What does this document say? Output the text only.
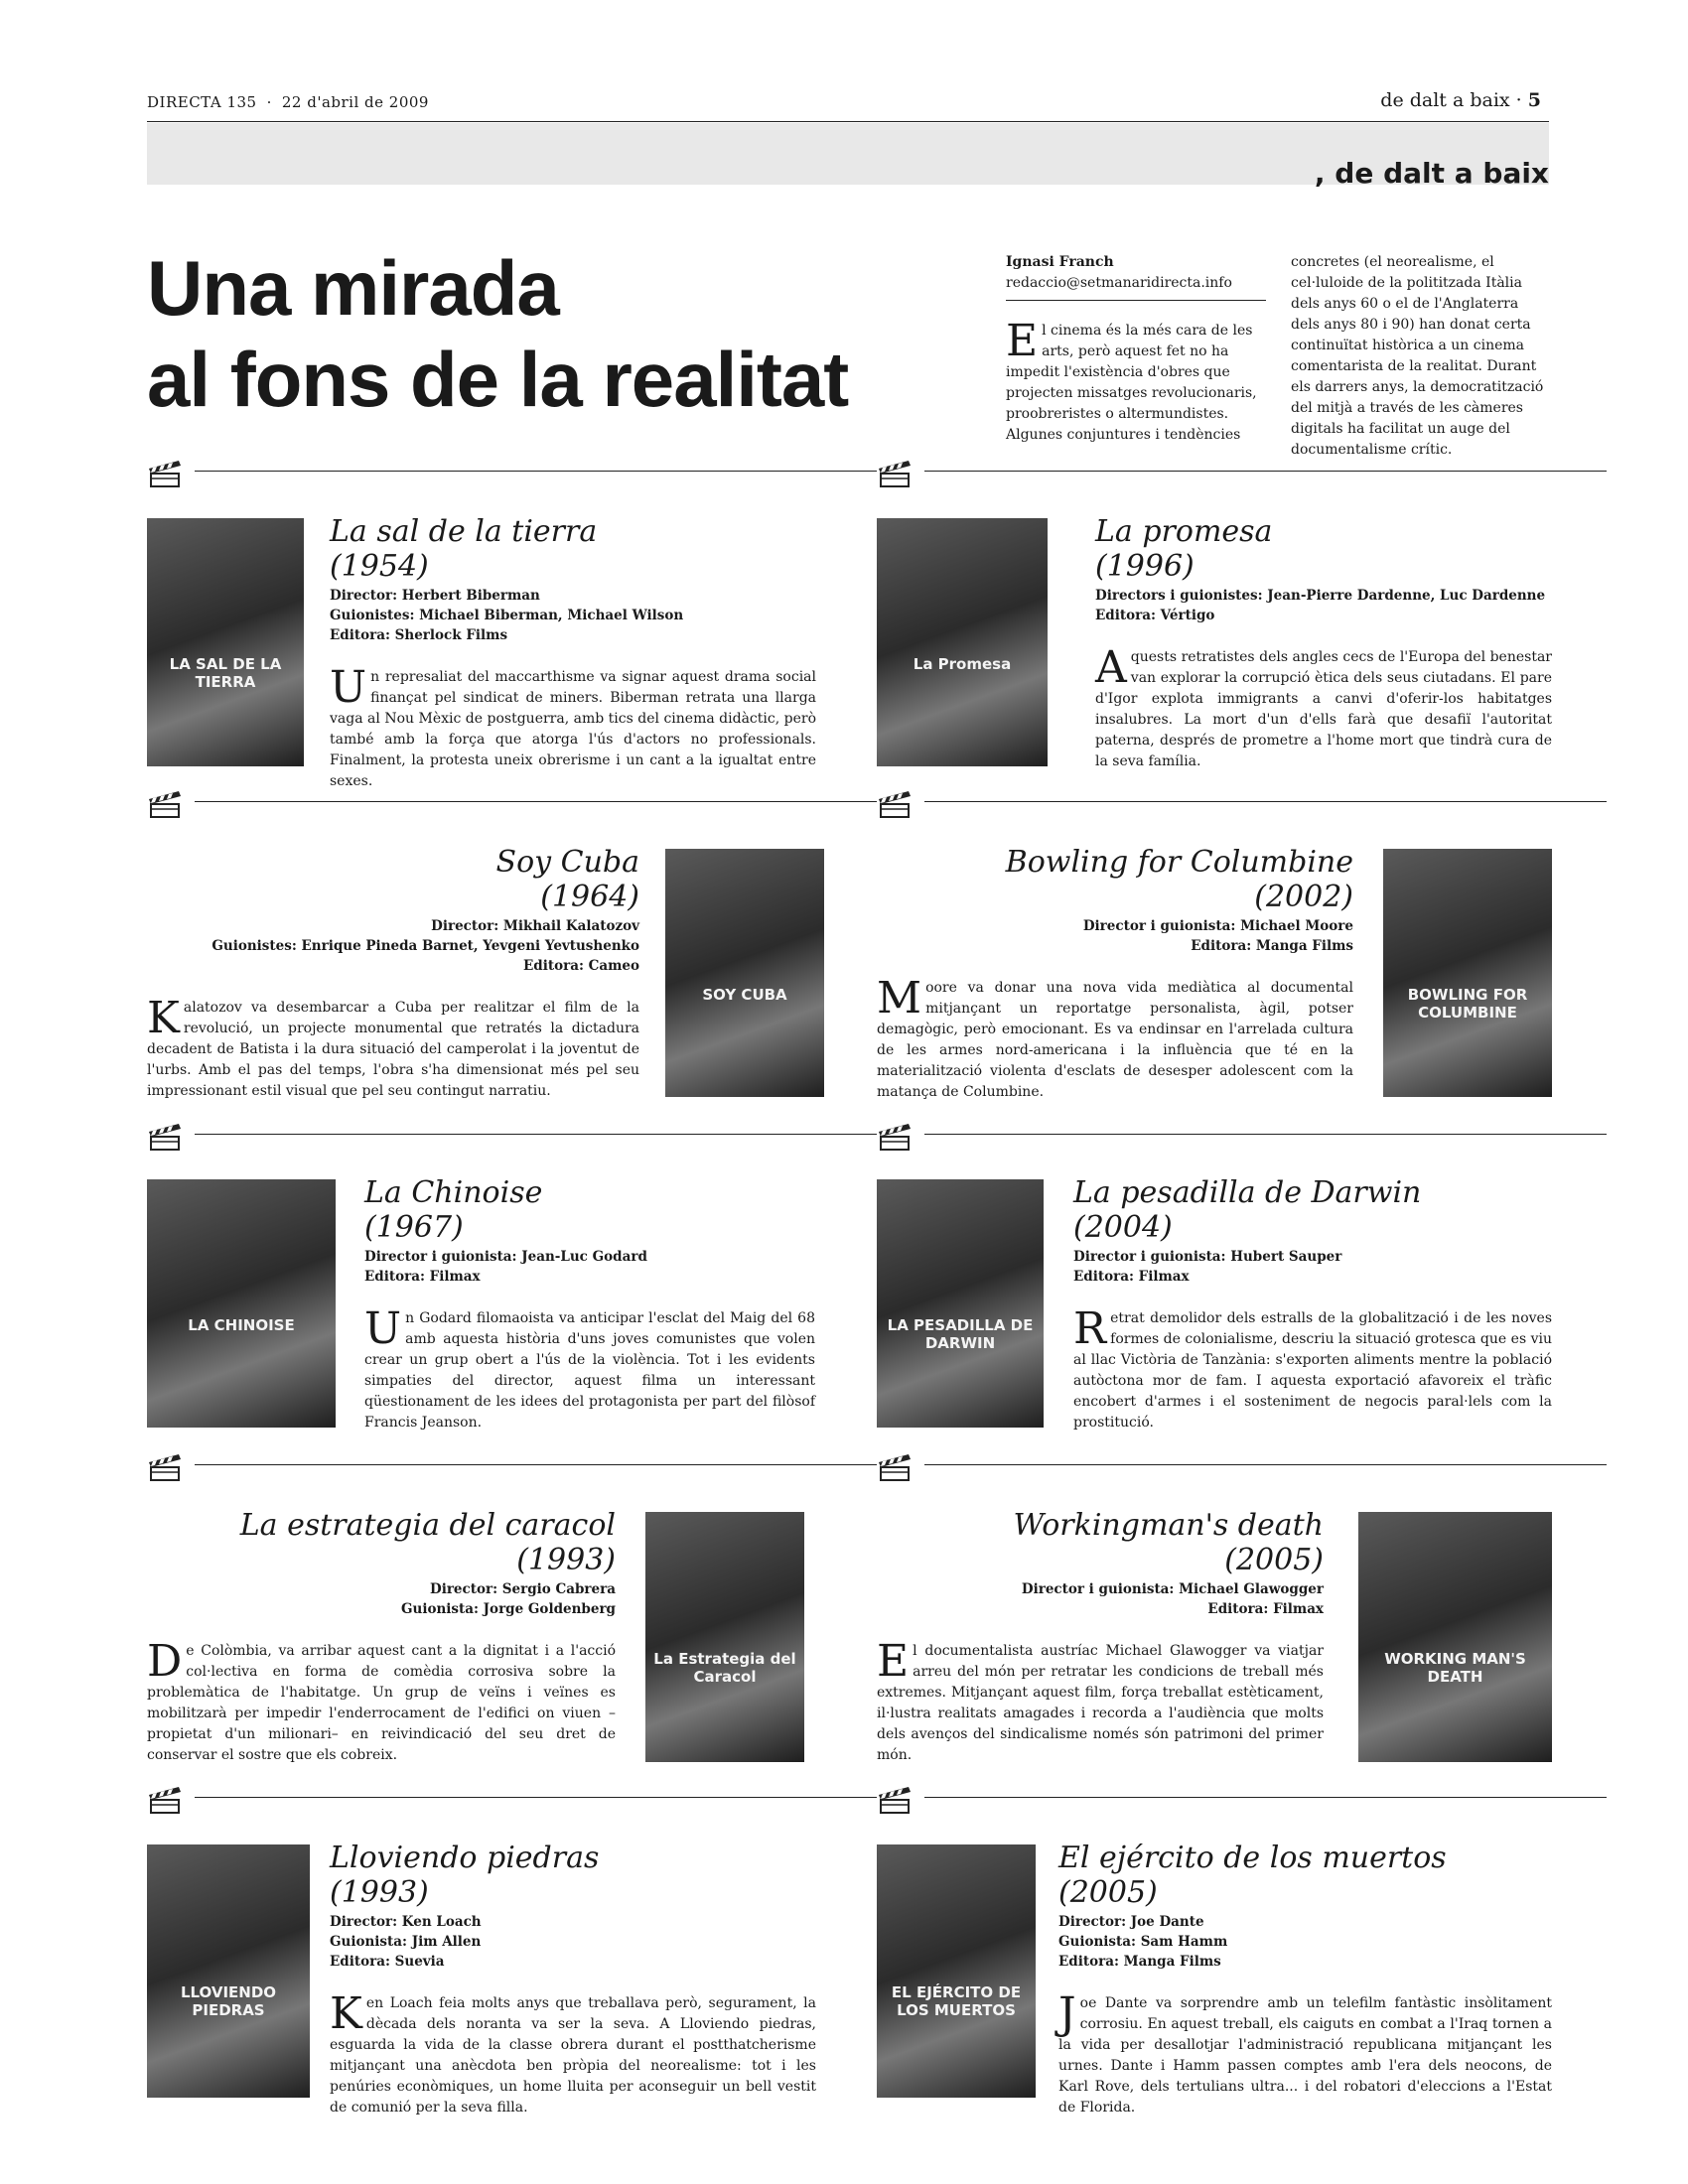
DIRECTA 135 · 22 d'abril de 2009	de dalt a baix · 5
, de dalt a baix
Una mirada
al fons de la realitat
Ignasi Franch
redaccio@setmanaridirecta.info
El cinema és la més cara de les arts, però aquest fet no ha impedit l'existència d'obres que projecten missatges revolucionaris, proobreristes o altermundistes. Algunes conjuntures i tendències
concretes (el neorealisme, el cel·luloide de la polititzada Itàlia dels anys 60 o el de l'Anglaterra dels anys 80 i 90) han donat certa continuïtat històrica a un cinema comentarista de la realitat. Durant els darrers anys, la democratització del mitjà a través de les càmeres digitals ha facilitat un auge del documentalisme crític.
LA SAL DE LA TIERRA
La sal de la tierra
(1954)
Director: Herbert Biberman
Guionistes: Michael Biberman, Michael Wilson
Editora: Sherlock Films
Un represaliat del maccarthisme va signar aquest drama social finançat pel sindicat de miners. Biberman retrata una llarga vaga al Nou Mèxic de postguerra, amb tics del cinema didàctic, però també amb la força que atorga l'ús d'actors no professionals. Finalment, la protesta uneix obrerisme i un cant a la igualtat entre sexes.
La Promesa
La promesa
(1996)
Directors i guionistes: Jean-Pierre Dardenne, Luc Dardenne
Editora: Vértigo
Aquests retratistes dels angles cecs de l'Europa del benestar van explorar la corrupció ètica dels seus ciutadans. El pare d'Igor explota immigrants a canvi d'oferir-los habitatges insalubres. La mort d'un d'ells farà que desafiï l'autoritat paterna, després de prometre a l'home mort que tindrà cura de la seva família.
SOY CUBA
Soy Cuba
(1964)
Director: Mikhail Kalatozov
Guionistes: Enrique Pineda Barnet, Yevgeni Yevtushenko
Editora: Cameo
Kalatozov va desembarcar a Cuba per realitzar el film de la revolució, un projecte monumental que retratés la dictadura decadent de Batista i la dura situació del camperolat i la joventut de l'urbs. Amb el pas del temps, l'obra s'ha dimensionat més pel seu impressionant estil visual que pel seu contingut narratiu.
BOWLING FOR COLUMBINE
Bowling for Columbine
(2002)
Director i guionista: Michael Moore
Editora: Manga Films
Moore va donar una nova vida mediàtica al documental mitjançant un reportatge personalista, àgil, potser demagògic, però emocionant. Es va endinsar en l'arrelada cultura de les armes nord-americana i la influència que té en la materialització violenta d'esclats de desesper adolescent com la matança de Columbine.
LA CHINOISE
La Chinoise
(1967)
Director i guionista: Jean-Luc Godard
Editora: Filmax
Un Godard filomaoista va anticipar l'esclat del Maig del 68 amb aquesta història d'uns joves comunistes que volen crear un grup obert a l'ús de la violència. Tot i les evidents simpaties del director, aquest filma un interessant qüestionament de les idees del protagonista per part del filòsof Francis Jeanson.
LA PESADILLA DE DARWIN
La pesadilla de Darwin
(2004)
Director i guionista: Hubert Sauper
Editora: Filmax
Retrat demolidor dels estralls de la globalització i de les noves formes de colonialisme, descriu la situació grotesca que es viu al llac Victòria de Tanzània: s'exporten aliments mentre la població autòctona mor de fam. I aquesta exportació afavoreix el tràfic encobert d'armes i el sosteniment de negocis paral·lels com la prostitució.
La Estrategia del Caracol
La estrategia del caracol
(1993)
Director: Sergio Cabrera
Guionista: Jorge Goldenberg
De Colòmbia, va arribar aquest cant a la dignitat i a l'acció col·lectiva en forma de comèdia corrosiva sobre la problemàtica de l'habitatge. Un grup de veïns i veïnes es mobilitzarà per impedir l'enderrocament de l'edifici on viuen –propietat d'un milionari– en reivindicació del seu dret de conservar el sostre que els cobreix.
WORKING MAN'S DEATH
Workingman's death
(2005)
Director i guionista: Michael Glawogger
Editora: Filmax
El documentalista austríac Michael Glawogger va viatjar arreu del món per retratar les condicions de treball més extremes. Mitjançant aquest film, força treballat estèticament, il·lustra realitats amagades i recorda a l'audiència que molts dels avenços del sindicalisme només són patrimoni del primer món.
LLOVIENDO PIEDRAS
Lloviendo piedras
(1993)
Director: Ken Loach
Guionista: Jim Allen
Editora: Suevia
Ken Loach feia molts anys que treballava però, segurament, la dècada dels noranta va ser la seva. A Lloviendo piedras, esguarda la vida de la classe obrera durant el postthatcherisme mitjançant una anècdota ben pròpia del neorealisme: tot i les penúries econòmiques, un home lluita per aconseguir un bell vestit de comunió per la seva filla.
EL EJÉRCITO DE LOS MUERTOS
El ejército de los muertos
(2005)
Director: Joe Dante
Guionista: Sam Hamm
Editora: Manga Films
Joe Dante va sorprendre amb un telefilm fantàstic insòlitament corrosiu. En aquest treball, els caiguts en combat a l'Iraq tornen a la vida per desallotjar l'administració republicana mitjançant les urnes. Dante i Hamm passen comptes amb l'era dels neocons, de Karl Rove, dels tertulians ultra... i del robatori d'eleccions a l'Estat de Florida.
